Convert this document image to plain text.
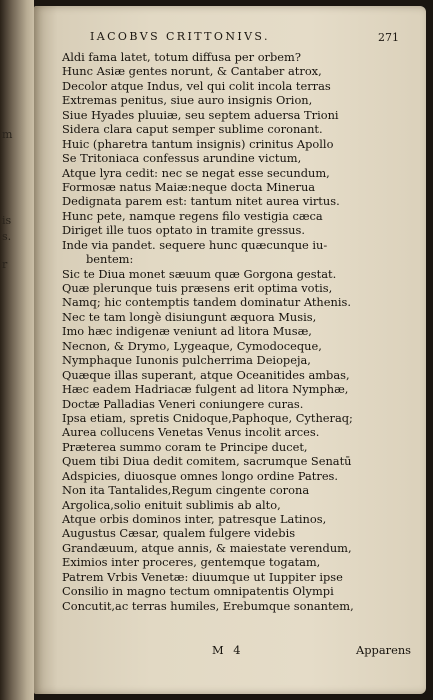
m
is
s.
r
IACOBVS CRITTONIVS.	271
Aldi fama latet, totum diffusa per orbem?
Hunc Asiæ gentes norunt, & Cantaber atrox,
Decolor atque Indus, vel qui colit incola terras
Extremas penitus, siue auro insignis Orion,
Siue Hyades pluuiæ, seu septem aduersa Trioni
Sidera clara caput semper sublime coronant.
Huic (pharetra tantum insignis) crinitus Apollo
Se Tritoniaca confessus arundine victum,
Atque lyra cedit: nec se negat esse secundum,
Formosæ natus Maiæ:neque docta Minerua
Dedignata parem est: tantum nitet aurea virtus.
Hunc pete, namque regens filo vestigia cæca
Diriget ille tuos optato in tramite gressus.
Inde via pandet. sequere hunc quæcunque iu-
bentem:
Sic te Diua monet sæuum quæ Gorgona gestat.
Quæ plerunque tuis præsens erit optima votis,
Namq; hic contemptis tandem dominatur Athenis.
Nec te tam longè disiungunt æquora Musis,
Imo hæc indigenæ veniunt ad litora Musæ,
Necnon, & Drymo, Lygeaque, Cymodoceque,
Nymphaque Iunonis pulcherrima Deiopeja,
Quæque illas superant, atque Oceanitides ambas,
Hæc eadem Hadriacæ fulgent ad litora Nymphæ,
Doctæ Palladias Veneri coniungere curas.
Ipsa etiam, spretis Cnidoque,Paphoque, Cytheraq;
Aurea collucens Venetas Venus incolit arces.
Præterea summo coram te Principe ducet,
Quem tibi Diua dedit comitem, sacrumque Senatū
Adspicies, diuosque omnes longo ordine Patres.
Non ita Tantalides,Regum cingente corona
Argolica,solio enituit sublimis ab alto,
Atque orbis dominos inter, patresque Latinos,
Augustus Cæsar, qualem fulgere videbis
Grandæuum, atque annis, & maiestate verendum,
Eximios inter proceres, gentemque togatam,
Patrem Vrbis Venetæ: diuumque ut Iuppiter ipse
Consilio in magno tectum omnipatentis Olympi
Concutit,ac terras humiles, Erebumque sonantem,
M 4	Apparens
